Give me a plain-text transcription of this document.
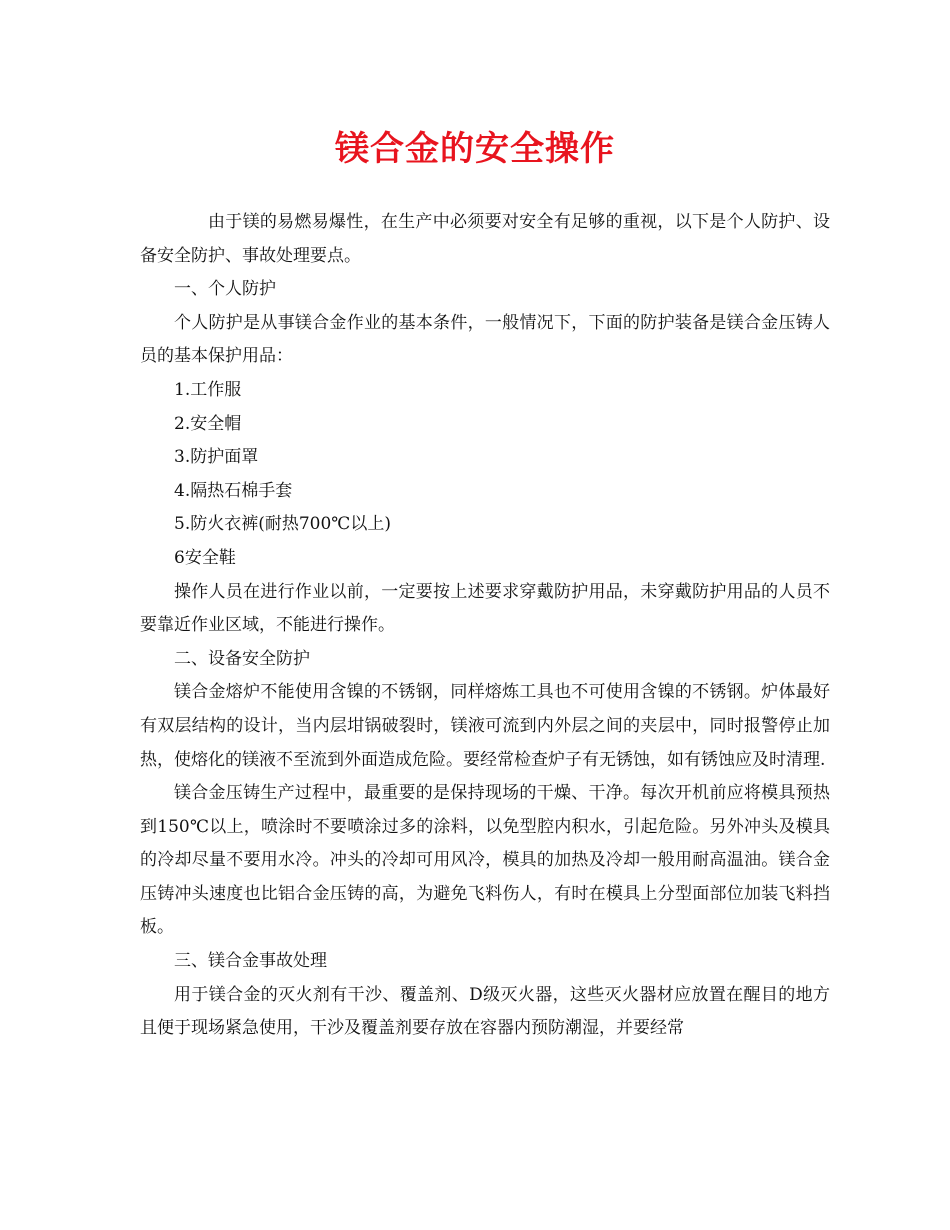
镁合金的安全操作

由于镁的易燃易爆性，在生产中必须要对安全有足够的重视，以下是个人防护、设备安全防护、事故处理要点。

一、个人防护

个人防护是从事镁合金作业的基本条件，一般情况下，下面的防护装备是镁合金压铸人员的基本保护用品：

1.工作服

2.安全帽

3.防护面罩

4.隔热石棉手套

5.防火衣裤(耐热700℃以上)

6安全鞋

操作人员在进行作业以前，一定要按上述要求穿戴防护用品，未穿戴防护用品的人员不要靠近作业区域，不能进行操作。

二、设备安全防护

镁合金熔炉不能使用含镍的不锈钢，同样熔炼工具也不可使用含镍的不锈钢。炉体最好有双层结构的设计，当内层坩锅破裂时，镁液可流到内外层之间的夹层中，同时报警停止加热，使熔化的镁液不至流到外面造成危险。要经常检查炉子有无锈蚀，如有锈蚀应及时清理.

镁合金压铸生产过程中，最重要的是保持现场的干燥、干净。每次开机前应将模具预热到150℃以上，喷涂时不要喷涂过多的涂料，以免型腔内积水，引起危险。另外冲头及模具的冷却尽量不要用水冷。冲头的冷却可用风冷，模具的加热及冷却一般用耐高温油。镁合金压铸冲头速度也比铝合金压铸的高，为避免飞料伤人，有时在模具上分型面部位加装飞料挡板。

三、镁合金事故处理

用于镁合金的灭火剂有干沙、覆盖剂、D级灭火器，这些灭火器材应放置在醒目的地方且便于现场紧急使用，干沙及覆盖剂要存放在容器内预防潮湿，并要经常
